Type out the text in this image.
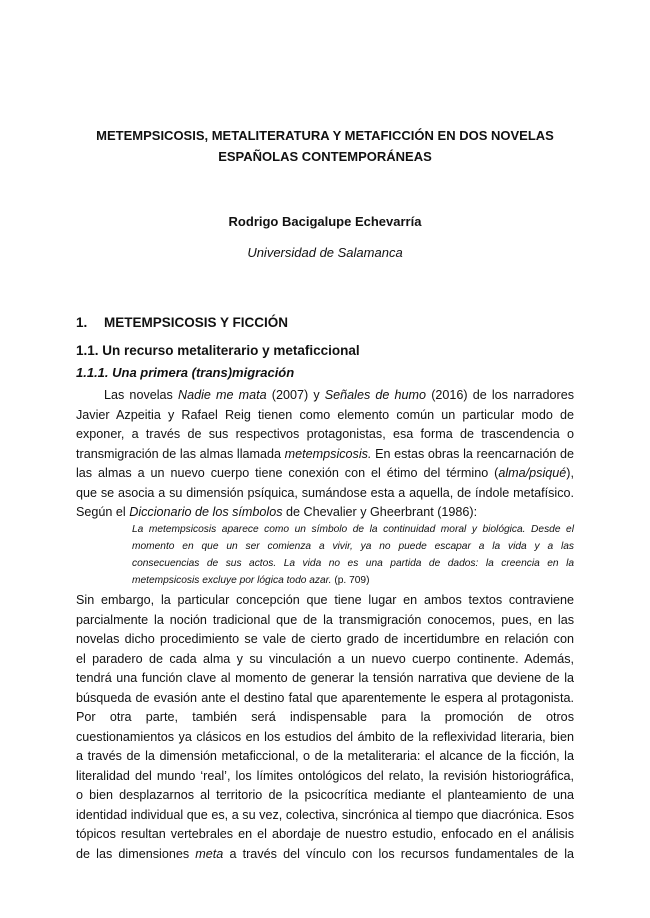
METEMPSICOSIS, METALITERATURA Y METAFICCIÓN EN DOS NOVELAS
ESPAÑOLAS CONTEMPORÁNEAS

Rodrigo Bacigalupe Echevarría

Universidad de Salamanca

1. METEMPSICOSIS Y FICCIÓN
1.1. Un recurso metaliterario y metaficcional
1.1.1. Una primera (trans)migración

Las novelas Nadie me mata (2007) y Señales de humo (2016) de los narradores
Javier Azpeitia y Rafael Reig tienen como elemento común un particular modo de
exponer, a través de sus respectivos protagonistas, esa forma de trascendencia o
transmigración de las almas llamada metempsicosis. En estas obras la reencarnación de
las almas a un nuevo cuerpo tiene conexión con el étimo del término (alma/psiqué),
que se asocia a su dimensión psíquica, sumándose esta a aquella, de índole metafísico.
Según el Diccionario de los símbolos de Chevalier y Gheerbrant (1986):

La metempsicosis aparece como un símbolo de la continuidad moral y biológica. Desde el
momento en que un ser comienza a vivir, ya no puede escapar a la vida y a las
consecuencias de sus actos. La vida no es una partida de dados: la creencia en la
metempsicosis excluye por lógica todo azar. (p. 709)

Sin embargo, la particular concepción que tiene lugar en ambos textos contraviene
parcialmente la noción tradicional que de la transmigración conocemos, pues, en las
novelas dicho procedimiento se vale de cierto grado de incertidumbre en relación con
el paradero de cada alma y su vinculación a un nuevo cuerpo continente. Además,
tendrá una función clave al momento de generar la tensión narrativa que deviene de la
búsqueda de evasión ante el destino fatal que aparentemente le espera al protagonista.
Por otra parte, también será indispensable para la promoción de otros
cuestionamientos ya clásicos en los estudios del ámbito de la reflexividad literaria, bien
a través de la dimensión metaficcional, o de la metaliteraria: el alcance de la ficción, la
literalidad del mundo ‘real’, los límites ontológicos del relato, la revisión historiográfica,
o bien desplazarnos al territorio de la psicocrítica mediante el planteamiento de una
identidad individual que es, a su vez, colectiva, sincrónica al tiempo que diacrónica. Esos
tópicos resultan vertebrales en el abordaje de nuestro estudio, enfocado en el análisis
de las dimensiones meta a través del vínculo con los recursos fundamentales de la
